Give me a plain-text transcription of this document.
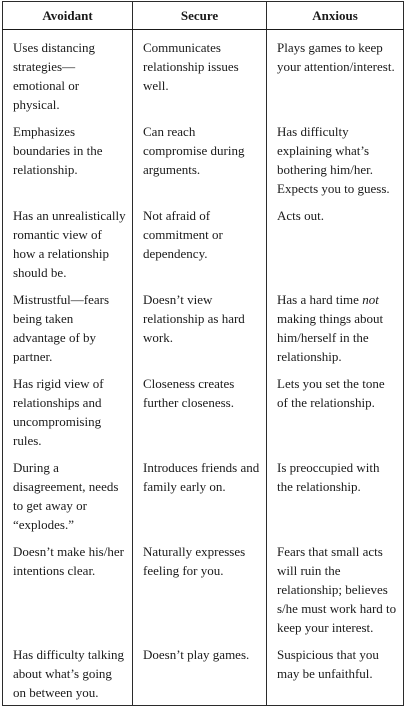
Avoidant	Secure	Anxious
Uses distancing strategies—emotional or physical.	Communicates relationship issues well.	Plays games to keep your attention/interest.
Emphasizes boundaries in the relationship.	Can reach compromise during arguments.	Has difficulty explaining what’s bothering him/her. Expects you to guess.
Has an unrealistically romantic view of how a relationship should be.	Not afraid of commitment or dependency.	Acts out.
Mistrustful—fears being taken advantage of by partner.	Doesn’t view relationship as hard work.	Has a hard time not making things about him/herself in the relationship.
Has rigid view of relationships and uncompromising rules.	Closeness creates further closeness.	Lets you set the tone of the relationship.
During a disagreement, needs to get away or “explodes.”	Introduces friends and family early on.	Is preoccupied with the relationship.
Doesn’t make his/her intentions clear.	Naturally expresses feeling for you.	Fears that small acts will ruin the relationship; believes s/he must work hard to keep your interest.
Has difficulty talking about what’s going on between you.	Doesn’t play games.	Suspicious that you may be unfaithful.
